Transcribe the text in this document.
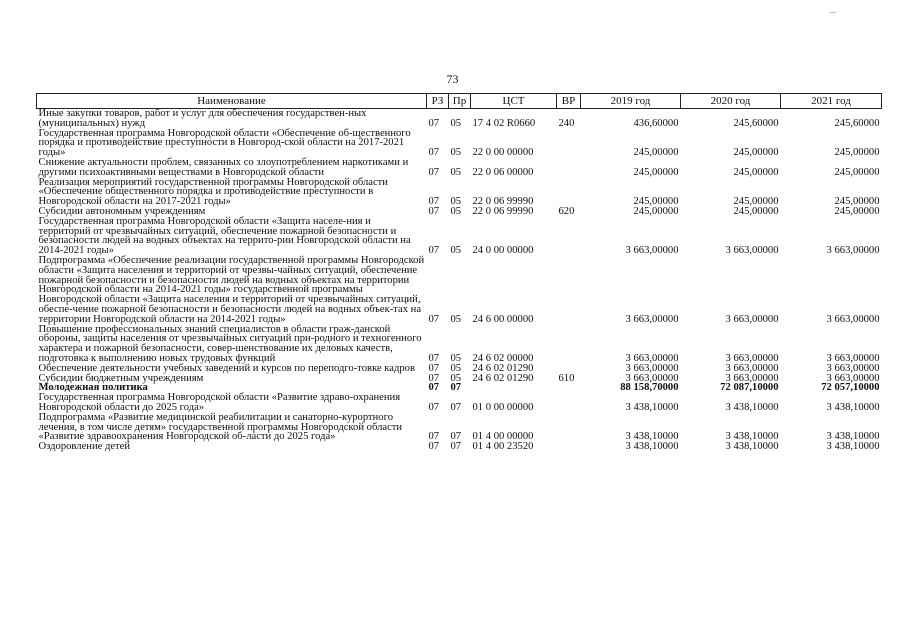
73
Наименование	РЗ	Пр	ЦСТ	ВР	2019 год	2020 год	2021 год
Иные закупки товаров, работ и услуг для обеспечения государствен-ных (муниципальных) нужд	07	05	17 4 02 R0660	240	436,60000	245,60000	245,60000
Государственная программа Новгородской области «Обеспечение об-щественного порядка и противодействие преступности в Новгород-ской области на 2017-2021 годы»	07	05	22 0 00 00000		245,00000	245,00000	245,00000
Снижение актуальности проблем, связанных со злоупотреблением наркотиками и другими психоактивными веществами в Новгородской области	07	05	22 0 06 00000		245,00000	245,00000	245,00000
Реализация мероприятий государственной программы Новгородской области «Обеспечение общественного порядка и противодействие преступности в Новгородской области на 2017-2021 годы»	07	05	22 0 06 99990		245,00000	245,00000	245,00000
Субсидии автономным учреждениям	07	05	22 0 06 99990	620	245,00000	245,00000	245,00000
Государственная программа Новгородской области «Защита населе-ния и территорий от чрезвычайных ситуаций, обеспечение пожарной безопасности и безопасности людей на водных объектах на террито-рии Новгородской области на 2014-2021 годы»	07	05	24 0 00 00000		3 663,00000	3 663,00000	3 663,00000
Подпрограмма «Обеспечение реализации государственной программы Новгородской области «Защита населения и территорий от чрезвы-чайных ситуаций, обеспечение пожарной безопасности и безопасности людей на водных объектах на территории Новгородской области на 2014-2021 годы» государственной программы Новгородской области «Защита населения и территорий от чрезвычайных ситуаций, обеспе-чение пожарной безопасности и безопасности людей на водных объек-тах на территории Новгородской области на 2014-2021 годы»	07	05	24 6 00 00000		3 663,00000	3 663,00000	3 663,00000
Повышение профессиональных знаний специалистов в области граж-данской обороны, защиты населения от чрезвычайных ситуаций при-родного и техногенного характера и пожарной безопасности, совер-шенствование их деловых качеств, подготовка к выполнению новых трудовых функций	07	05	24 6 02 00000		3 663,00000	3 663,00000	3 663,00000
Обеспечение деятельности учебных заведений и курсов по переподго-товке кадров	07	05	24 6 02 01290		3 663,00000	3 663,00000	3 663,00000
Субсидии бюджетным учреждениям	07	05	24 6 02 01290	610	3 663,00000	3 663,00000	3 663,00000
Молодежная политика	07	07			88 158,70000	72 087,10000	72 057,10000
Государственная программа Новгородской области «Развитие здраво-охранения Новгородской области до 2025 года»	07	07	01 0 00 00000		3 438,10000	3 438,10000	3 438,10000
Подпрограмма «Развитие медицинской реабилитации и санаторно-курортного лечения, в том числе детям» государственной программы Новгородской области «Развитие здравоохранения Новгородской об-ласти до 2025 года»	07	07	01 4 00 00000		3 438,10000	3 438,10000	3 438,10000
Оздоровление детей	07	07	01 4 00 23520		3 438,10000	3 438,10000	3 438,10000
